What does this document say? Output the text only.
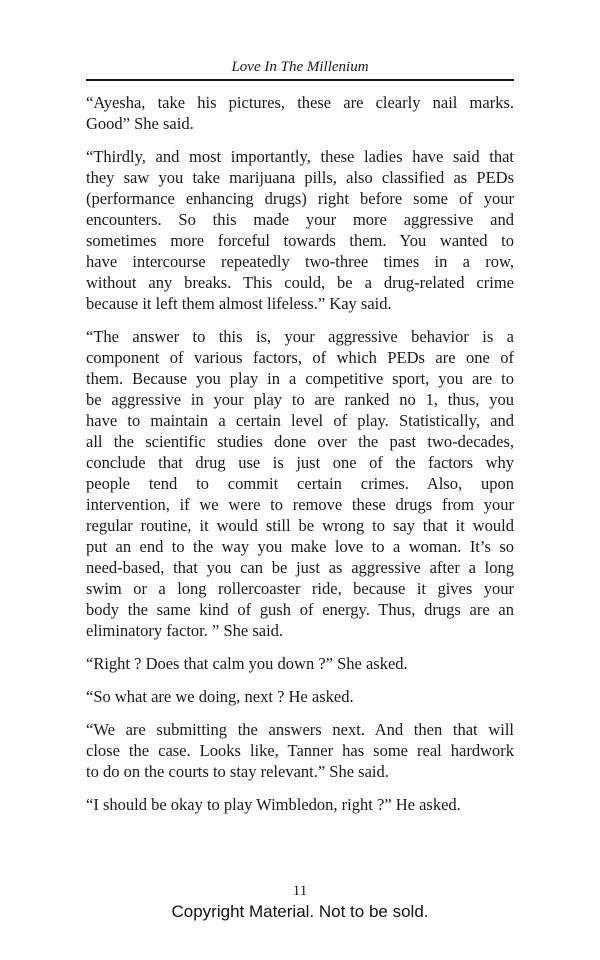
Love In The Millenium

“Ayesha, take his pictures, these are clearly nail marks.
Good” She said.

“Thirdly, and most importantly, these ladies have said that
they saw you take marijuana pills, also classified as PEDs
(performance enhancing drugs) right before some of your
encounters. So this made your more aggressive and
sometimes more forceful towards them. You wanted to
have intercourse repeatedly two-three times in a row,
without any breaks. This could, be a drug-related crime
because it left them almost lifeless.” Kay said.

“The answer to this is, your aggressive behavior is a
component of various factors, of which PEDs are one of
them. Because you play in a competitive sport, you are to
be aggressive in your play to are ranked no 1, thus, you
have to maintain a certain level of play. Statistically, and
all the scientific studies done over the past two-decades,
conclude that drug use is just one of the factors why
people tend to commit certain crimes. Also, upon
intervention, if we were to remove these drugs from your
regular routine, it would still be wrong to say that it would
put an end to the way you make love to a woman. It’s so
need-based, that you can be just as aggressive after a long
swim or a long rollercoaster ride, because it gives your
body the same kind of gush of energy. Thus, drugs are an
eliminatory factor. ” She said.

“Right ? Does that calm you down ?” She asked.

“So what are we doing, next ? He asked.

“We are submitting the answers next. And then that will
close the case. Looks like, Tanner has some real hardwork
to do on the courts to stay relevant.” She said.

“I should be okay to play Wimbledon, right ?” He asked.

11
Copyright Material. Not to be sold.
